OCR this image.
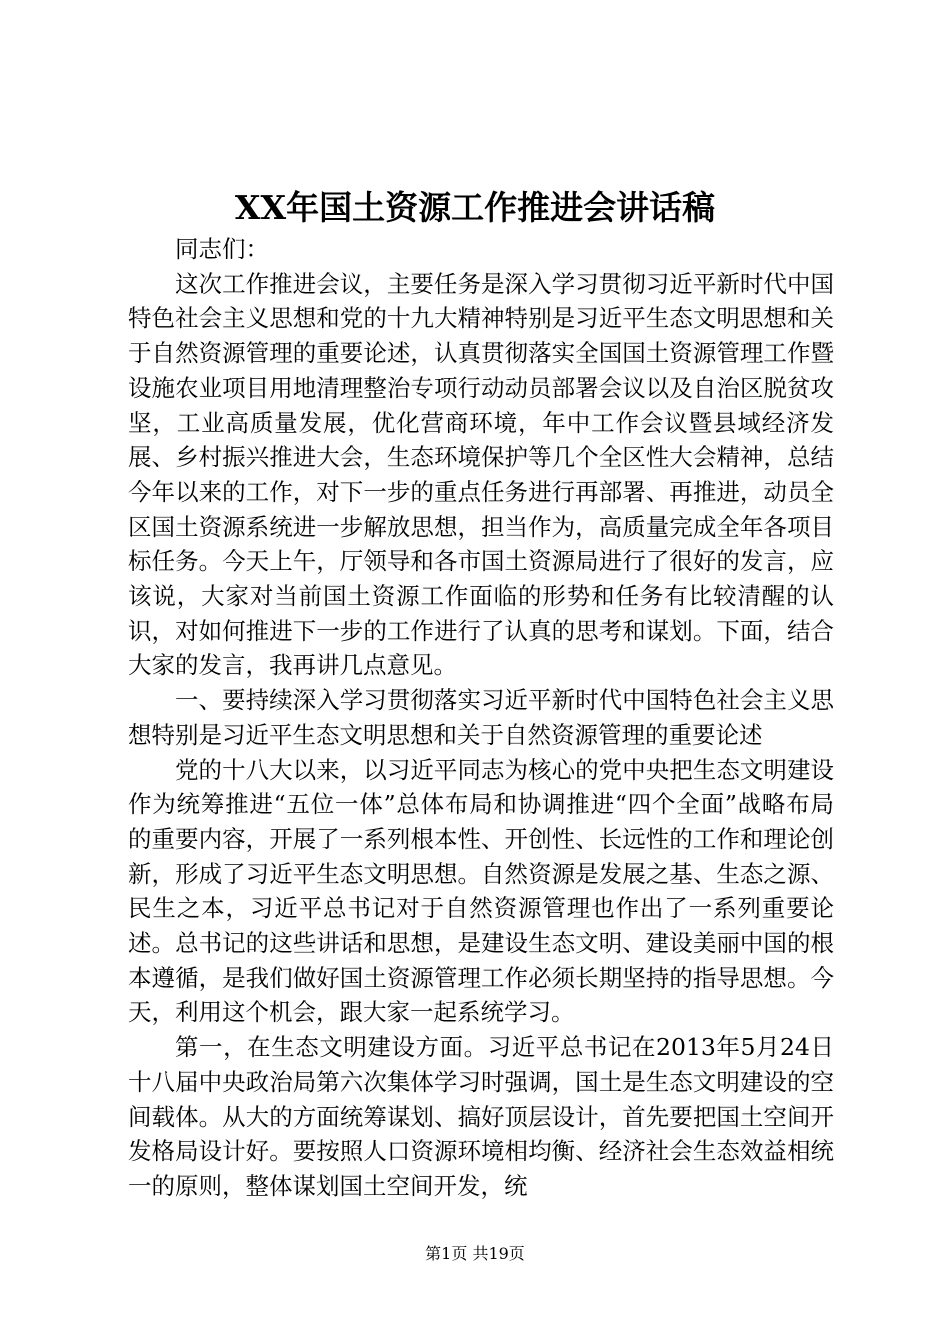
XX年国土资源工作推进会讲话稿

同志们：

这次工作推进会议，主要任务是深入学习贯彻习近平新时代中国特色社会主义思想和党的十九大精神特别是习近平生态文明思想和关于自然资源管理的重要论述，认真贯彻落实全国国土资源管理工作暨设施农业项目用地清理整治专项行动动员部署会议以及自治区脱贫攻坚，工业高质量发展，优化营商环境，年中工作会议暨县域经济发展、乡村振兴推进大会，生态环境保护等几个全区性大会精神，总结今年以来的工作，对下一步的重点任务进行再部署、再推进，动员全区国土资源系统进一步解放思想，担当作为，高质量完成全年各项目标任务。今天上午，厅领导和各市国土资源局进行了很好的发言，应该说，大家对当前国土资源工作面临的形势和任务有比较清醒的认识，对如何推进下一步的工作进行了认真的思考和谋划。下面，结合大家的发言，我再讲几点意见。

一、要持续深入学习贯彻落实习近平新时代中国特色社会主义思想特别是习近平生态文明思想和关于自然资源管理的重要论述

党的十八大以来，以习近平同志为核心的党中央把生态文明建设作为统筹推进“五位一体”总体布局和协调推进“四个全面”战略布局的重要内容，开展了一系列根本性、开创性、长远性的工作和理论创新，形成了习近平生态文明思想。自然资源是发展之基、生态之源、民生之本，习近平总书记对于自然资源管理也作出了一系列重要论述。总书记的这些讲话和思想，是建设生态文明、建设美丽中国的根本遵循，是我们做好国土资源管理工作必须长期坚持的指导思想。今天，利用这个机会，跟大家一起系统学习。

第一，在生态文明建设方面。习近平总书记在2013年5月24日十八届中央政治局第六次集体学习时强调，国土是生态文明建设的空间载体。从大的方面统筹谋划、搞好顶层设计，首先要把国土空间开发格局设计好。要按照人口资源环境相均衡、经济社会生态效益相统一的原则，整体谋划国土空间开发，统

第1页 共19页
